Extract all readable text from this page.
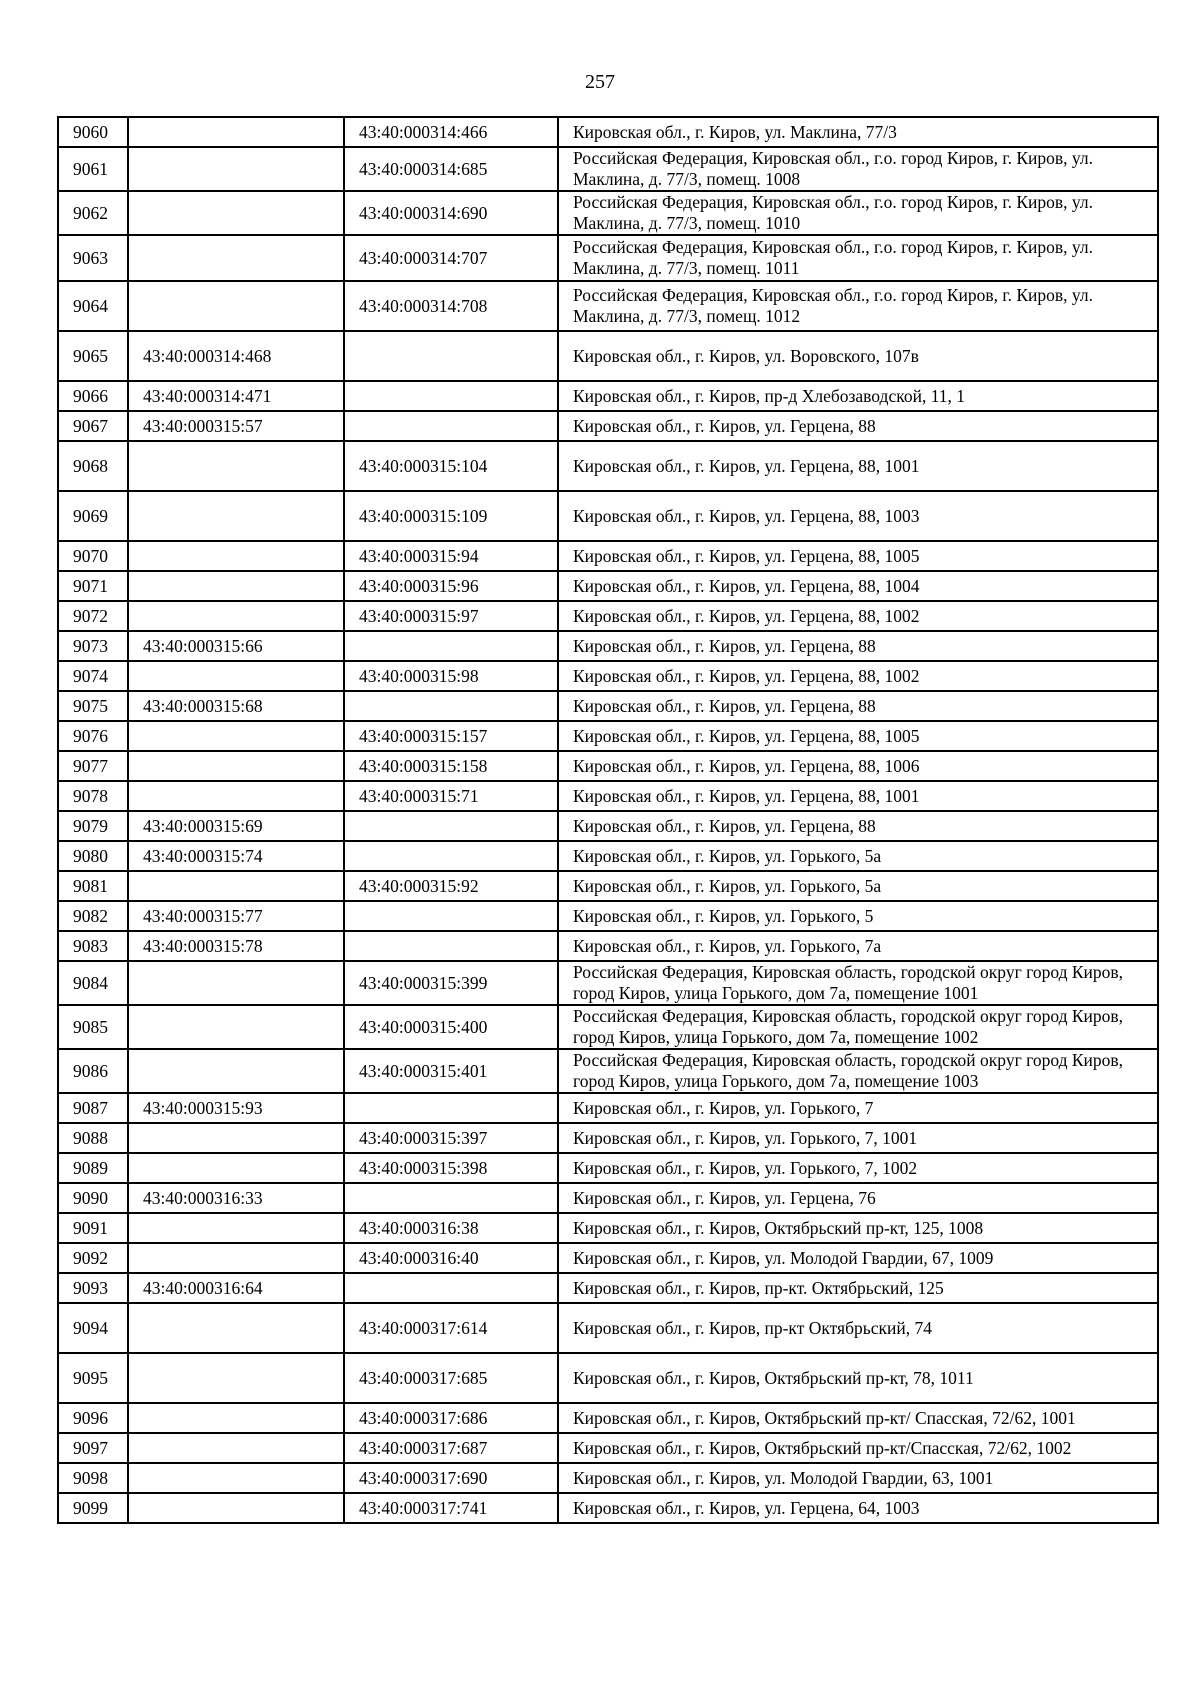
257
9060		43:40:000314:466	Кировская обл., г. Киров, ул. Маклина, 77/3
9061		43:40:000314:685	Российская Федерация, Кировская обл., г.о. город Киров, г. Киров, ул. Маклина, д. 77/3, помещ. 1008
9062		43:40:000314:690	Российская Федерация, Кировская обл., г.о. город Киров, г. Киров, ул. Маклина, д. 77/3, помещ. 1010
9063		43:40:000314:707	Российская Федерация, Кировская обл., г.о. город Киров, г. Киров, ул. Маклина, д. 77/3, помещ. 1011
9064		43:40:000314:708	Российская Федерация, Кировская обл., г.о. город Киров, г. Киров, ул. Маклина, д. 77/3, помещ. 1012
9065	43:40:000314:468		Кировская обл., г. Киров, ул. Воровского, 107в
9066	43:40:000314:471		Кировская обл., г. Киров, пр-д Хлебозаводской, 11, 1
9067	43:40:000315:57		Кировская обл., г. Киров, ул. Герцена, 88
9068		43:40:000315:104	Кировская обл., г. Киров, ул. Герцена, 88, 1001
9069		43:40:000315:109	Кировская обл., г. Киров, ул. Герцена, 88, 1003
9070		43:40:000315:94	Кировская обл., г. Киров, ул. Герцена, 88, 1005
9071		43:40:000315:96	Кировская обл., г. Киров, ул. Герцена, 88, 1004
9072		43:40:000315:97	Кировская обл., г. Киров, ул. Герцена, 88, 1002
9073	43:40:000315:66		Кировская обл., г. Киров, ул. Герцена, 88
9074		43:40:000315:98	Кировская обл., г. Киров, ул. Герцена, 88, 1002
9075	43:40:000315:68		Кировская обл., г. Киров, ул. Герцена, 88
9076		43:40:000315:157	Кировская обл., г. Киров, ул. Герцена, 88, 1005
9077		43:40:000315:158	Кировская обл., г. Киров, ул. Герцена, 88, 1006
9078		43:40:000315:71	Кировская обл., г. Киров, ул. Герцена, 88, 1001
9079	43:40:000315:69		Кировская обл., г. Киров, ул. Герцена, 88
9080	43:40:000315:74		Кировская обл., г. Киров, ул. Горького, 5а
9081		43:40:000315:92	Кировская обл., г. Киров, ул. Горького, 5а
9082	43:40:000315:77		Кировская обл., г. Киров, ул. Горького, 5
9083	43:40:000315:78		Кировская обл., г. Киров, ул. Горького, 7а
9084		43:40:000315:399	Российская Федерация, Кировская область, городской округ город Киров, город Киров, улица Горького, дом 7а, помещение 1001
9085		43:40:000315:400	Российская Федерация, Кировская область, городской округ город Киров, город Киров, улица Горького, дом 7а, помещение 1002
9086		43:40:000315:401	Российская Федерация, Кировская область, городской округ город Киров, город Киров, улица Горького, дом 7а, помещение 1003
9087	43:40:000315:93		Кировская обл., г. Киров, ул. Горького, 7
9088		43:40:000315:397	Кировская обл., г. Киров, ул. Горького, 7, 1001
9089		43:40:000315:398	Кировская обл., г. Киров, ул. Горького, 7, 1002
9090	43:40:000316:33		Кировская обл., г. Киров, ул. Герцена, 76
9091		43:40:000316:38	Кировская обл., г. Киров, Октябрьский пр-кт, 125, 1008
9092		43:40:000316:40	Кировская обл., г. Киров, ул. Молодой Гвардии, 67, 1009
9093	43:40:000316:64		Кировская обл., г. Киров, пр-кт. Октябрьский, 125
9094		43:40:000317:614	Кировская обл., г. Киров, пр-кт Октябрьский, 74
9095		43:40:000317:685	Кировская обл., г. Киров, Октябрьский пр-кт, 78, 1011
9096		43:40:000317:686	Кировская обл., г. Киров, Октябрьский пр-кт/ Спасская, 72/62, 1001
9097		43:40:000317:687	Кировская обл., г. Киров, Октябрьский пр-кт/Спасская, 72/62, 1002
9098		43:40:000317:690	Кировская обл., г. Киров, ул. Молодой Гвардии, 63, 1001
9099		43:40:000317:741	Кировская обл., г. Киров, ул. Герцена, 64, 1003
